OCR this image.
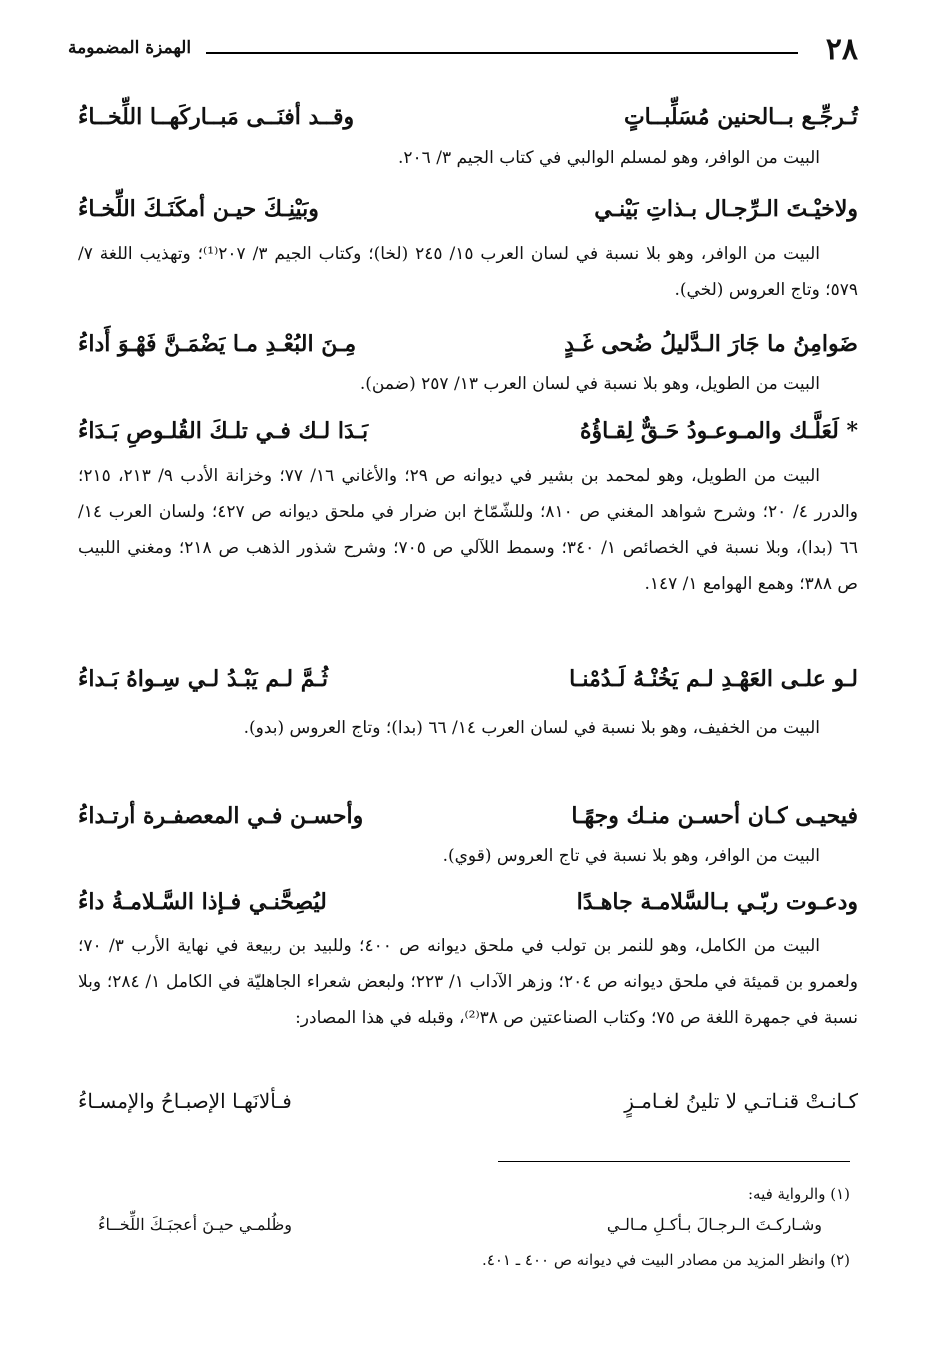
٢٨
الهمزة المضمومة
تُـرجِّـع بــالحنين مُسَلِّبــاتٍ
وقــد أفنَــى مَبــاركَهــا اللِّخــاءُ
البيت من الوافر، وهو لمسلم الوالبي في كتاب الجيم ٣/ ٢٠٦.
ولاخيْـتَ الـرِّجـال بـذاتِ بَيْنـي
وبَيْنِـكَ حيـن أمكَنَـكَ اللِّخـاءُ
البيت من الوافر، وهو بلا نسبة في لسان العرب ١٥/ ٢٤٥ (لخا)؛ وكتاب الجيم ٣/ ٢٠٧⁽¹⁾؛ وتهذيب اللغة ٧/ ٥٧٩؛ وتاج العروس (لخي).
ضَوامِنُ ما جَارَ الـدَّليلُ ضُحى غَـدٍ
مِـنَ البُعْـدِ مـا يَضْمَـنَّ فَهْـوَ أَداءُ
البيت من الطويل، وهو بلا نسبة في لسان العرب ١٣/ ٢٥٧ (ضمن).
* لَعَلَّـك والمـوعـودُ حَـقٌّ لِقـاؤُهُ
بَـدَا لـك فـي تلـكَ القُلـوصِ بَـدَاءُ
البيت من الطويل، وهو لمحمد بن بشير في ديوانه ص ٢٩؛ والأغاني ١٦/ ٧٧؛ وخزانة الأدب ٩/ ٢١٣، ٢١٥؛ والدرر ٤/ ٢٠؛ وشرح شواهد المغني ص ٨١٠؛ وللشّمّاخ ابن ضرار في ملحق ديوانه ص ٤٢٧؛ ولسان العرب ١٤/ ٦٦ (بدا)، وبلا نسبة في الخصائص ١/ ٣٤٠؛ وسمط اللآلي ص ٧٠٥؛ وشرح شذور الذهب ص ٢١٨؛ ومغني اللبيب ص ٣٨٨؛ وهمع الهوامع ١/ ١٤٧.
لـو علـى العَهْـدِ لـم يَخُنْـهُ لَـدُمْنـا
ثُـمَّ لـم يَبْـدُ لـي سِـواهُ بَـداءُ
البيت من الخفيف، وهو بلا نسبة في لسان العرب ١٤/ ٦٦ (بدا)؛ وتاج العروس (بدو).
فيحيـى كـان أحسـن منـك وجهًـا
وأحسـن فـي المعصفـرة أرتـداءُ
البيت من الوافر، وهو بلا نسبة في تاج العروس (قوي).
ودعـوت ربّـي بـالسَّلامـة جاهـدًا
ليُصِحَّنـي فـإذا السَّـلامـةُ داءُ
البيت من الكامل، وهو للنمر بن تولب في ملحق ديوانه ص ٤٠٠؛ وللبيد بن ربيعة في نهاية الأرب ٣/ ٧٠؛ ولعمرو بن قميئة في ملحق ديوانه ص ٢٠٤؛ وزهر الآداب ١/ ٢٢٣؛ ولبعض شعراء الجاهليّة في الكامل ١/ ٢٨٤؛ وبلا نسبة في جمهرة اللغة ص ٧٥؛ وكتاب الصناعتين ص ٣٨⁽²⁾، وقبله في هذا المصادر:
كـانـتْ قنـاتـي لا تلينُ لغـامـزٍ
فـألانَهـا الإصبـاحُ والإمسـاءُ
(١) والرواية فيه:
وشـاركـتَ الـرجـالَ بـأكـلِ مـالـي
وظُلمـي حيـنَ أعجبَـكَ اللِّخــاءُ
(٢) وانظر المزيد من مصادر البيت في ديوانه ص ٤٠٠ ـ ٤٠١.
